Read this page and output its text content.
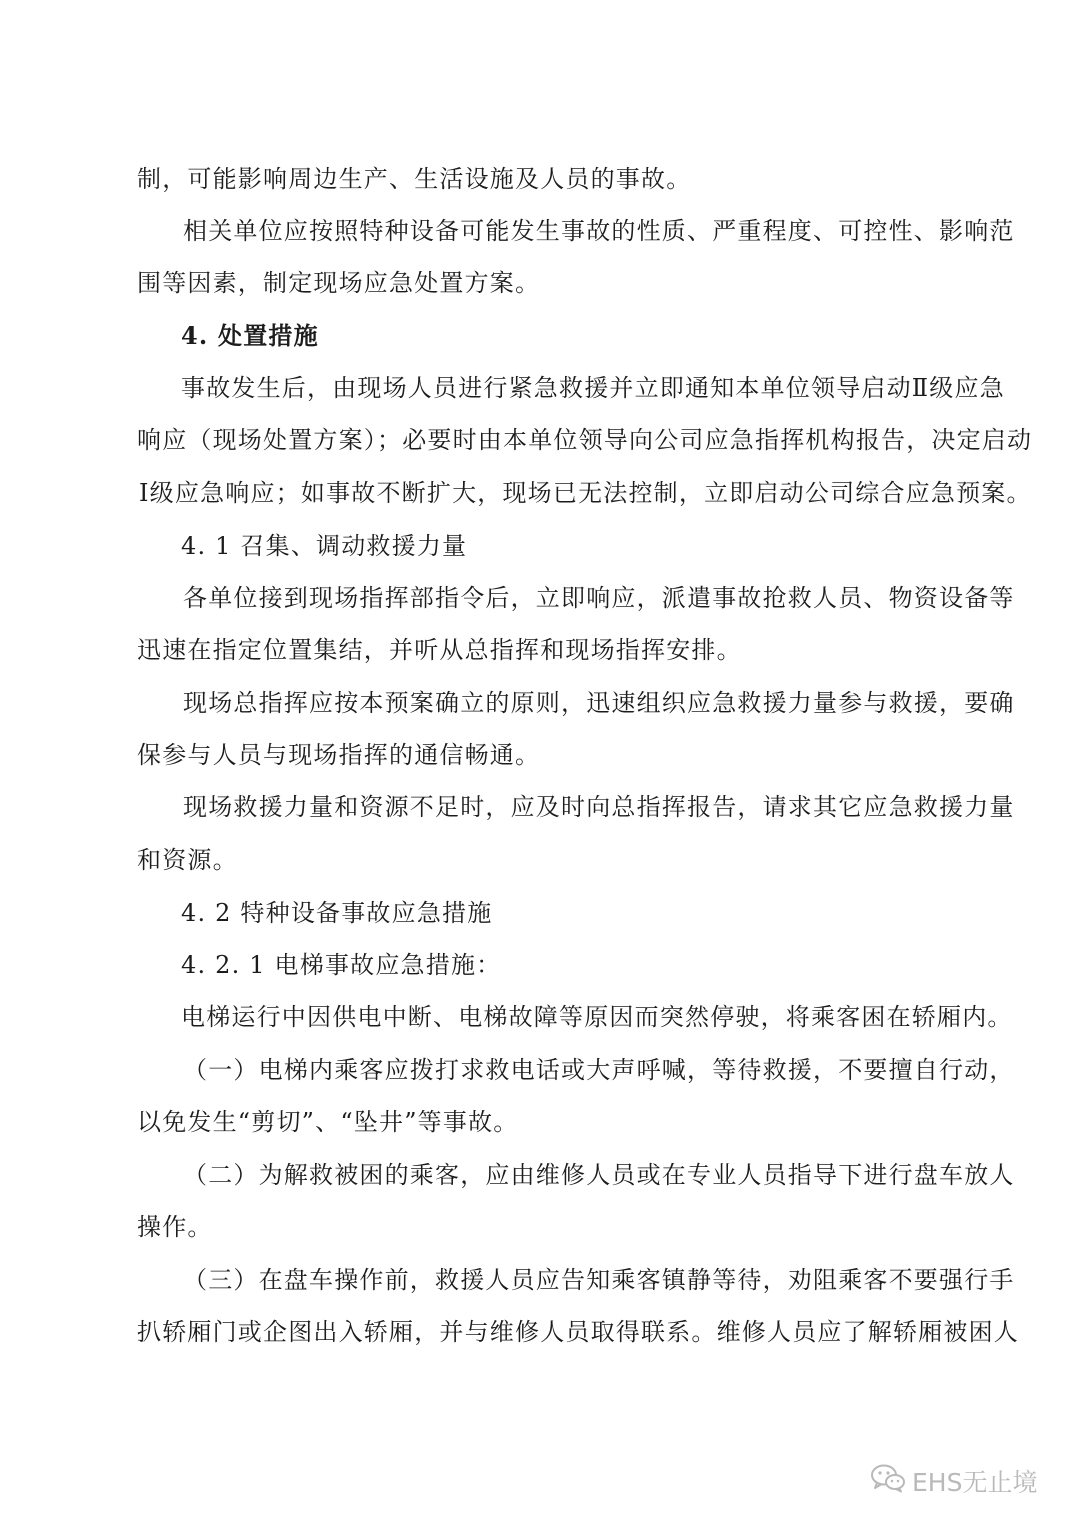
制，可能影响周边生产、生活设施及人员的事故。
相关单位应按照特种设备可能发生事故的性质、严重程度、可控性、影响范
围等因素，制定现场应急处置方案。
4. 处置措施
事故发生后，由现场人员进行紧急救援并立即通知本单位领导启动Ⅱ级应急
响应（现场处置方案）；必要时由本单位领导向公司应急指挥机构报告，决定启动
Ⅰ级应急响应；如事故不断扩大，现场已无法控制，立即启动公司综合应急预案。
4. 1 召集、调动救援力量
各单位接到现场指挥部指令后，立即响应，派遣事故抢救人员、物资设备等
迅速在指定位置集结，并听从总指挥和现场指挥安排。
现场总指挥应按本预案确立的原则，迅速组织应急救援力量参与救援，要确
保参与人员与现场指挥的通信畅通。
现场救援力量和资源不足时，应及时向总指挥报告，请求其它应急救援力量
和资源。
4. 2 特种设备事故应急措施
4. 2. 1 电梯事故应急措施：
电梯运行中因供电中断、电梯故障等原因而突然停驶，将乘客困在轿厢内。
（一）电梯内乘客应拨打求救电话或大声呼喊，等待救援，不要擅自行动，
以免发生“剪切”、“坠井”等事故。
（二）为解救被困的乘客，应由维修人员或在专业人员指导下进行盘车放人
操作。
（三）在盘车操作前，救援人员应告知乘客镇静等待，劝阻乘客不要强行手
扒轿厢门或企图出入轿厢，并与维修人员取得联系。维修人员应了解轿厢被困人
EHS无止境
